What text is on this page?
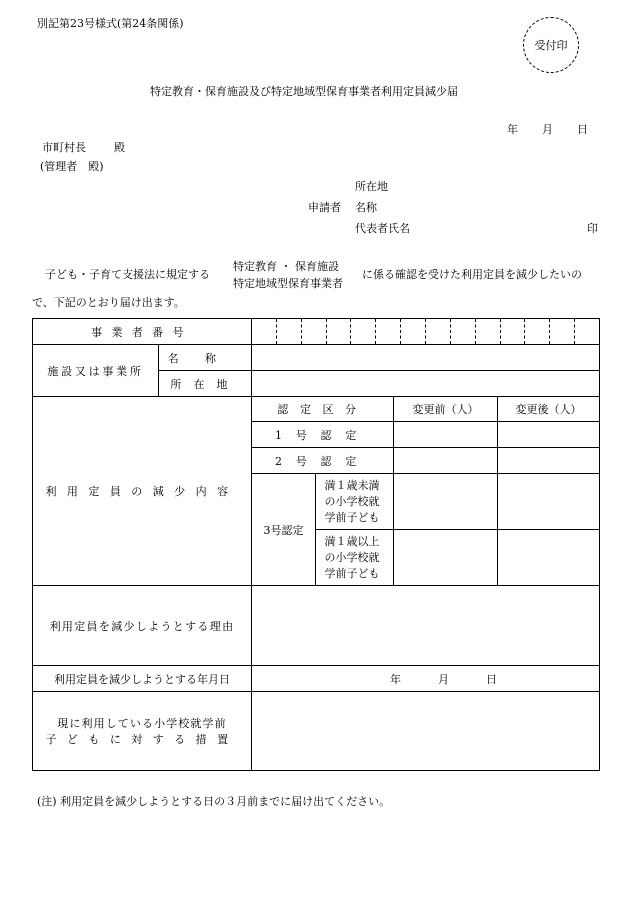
別記第23号様式(第24条関係)
受付印
特定教育・保育施設及び特定地域型保育事業者利用定員減少届
年 月 日
市町村長	殿
(管理者　殿)
所在地
申請者 名称
代表者氏名	印
子ども・子育て支援法に規定する
特定教育 ・ 保育施設
特定地域型保育事業者
に係る確認を受けた利用定員を減少したいの
で、下記のとおり届け出ます。
事業者番号					

施設又は事業所	名称				
	所在地				
利用定員の減少内容		認定区分		変更前（人）	変更後（人）
		1号認定			
		2号認定			
		3号認定	満１歳未満の小学校就学前子ども		
			満１歳以上の小学校就学前子ども		
利用定員を減少しようとする理由					
利用定員を減少しようとする年月日		年 月 日			

現に利用している小学校就学前
子どもに対する措置					

(注) 利用定員を減少しようとする日の３月前までに届け出てください。
